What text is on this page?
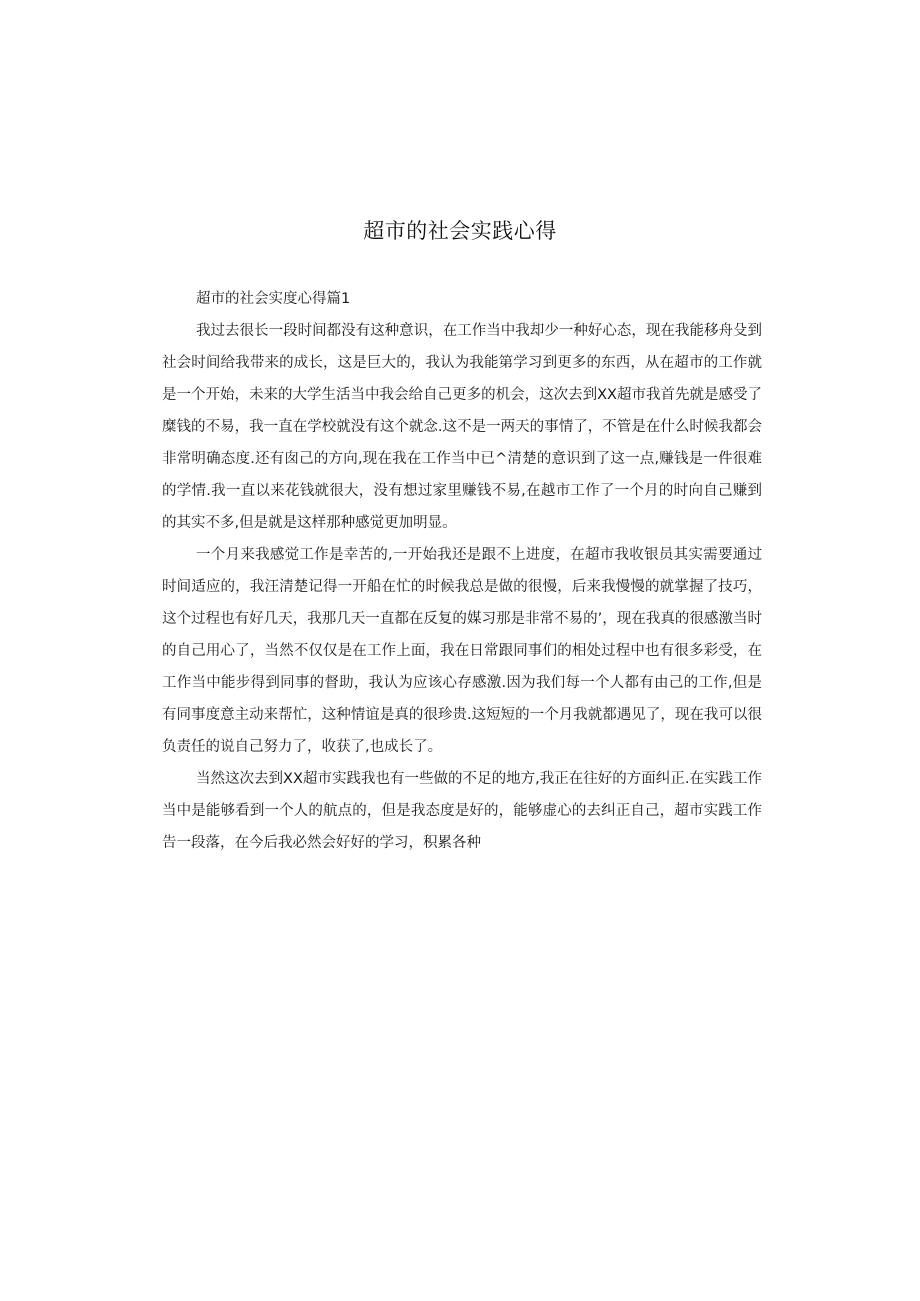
超市的社会实践心得

超市的社会实度心得篇1

我过去很长一段时间都没有这种意识，在工作当中我却少一种好心态，现在我能移舟殳到社会时间给我带来的成长，这是巨大的，我认为我能第学习到更多的东西，从在超市的工作就是一个开始，未来的大学生活当中我会给自己更多的机会，这次去到XX超市我首先就是感受了糜钱的不易，我一直在学校就没有这个就念.这不是一两天的事情了，不管是在什么时候我都会非常明确态度.还有囱己的方向,现在我在工作当中已^清楚的意识到了这一点,赚钱是一件很难的学情.我一直以来花钱就很大，没有想过家里赚钱不易,在越市工作了一个月的时向自己赚到的其实不多,但是就是这样那种感觉更加明显。

一个月来我感觉工作是幸苦的,一开始我还是跟不上进度，在超市我收银员其实需要通过时间适应的，我汪清楚记得一开船在忙的时候我总是做的很慢，后来我慢慢的就掌握了技巧，这个过程也有好几天，我那几天一直都在反复的媒习那是非常不易的’，现在我真的很感激当时的自己用心了，当然不仅仅是在工作上面，我在日常跟同事们的相处过程中也有很多彩受，在工作当中能步得到同事的督助，我认为应该心存感激.因为我们每一个人都有由己的工作,但是有同事度意主动来帮忙，这种情谊是真的很珍贵.这短短的一个月我就都遇见了，现在我可以很负责任的说自己努力了，收获了,也成长了。

当然这次去到XX超市实践我也有一些做的不足的地方,我正在往好的方面纠正.在实践工作当中是能够看到一个人的航点的，但是我态度是好的，能够虚心的去纠正自己，超市实践工作告一段落，在今后我必然会好好的学习，积累各种
